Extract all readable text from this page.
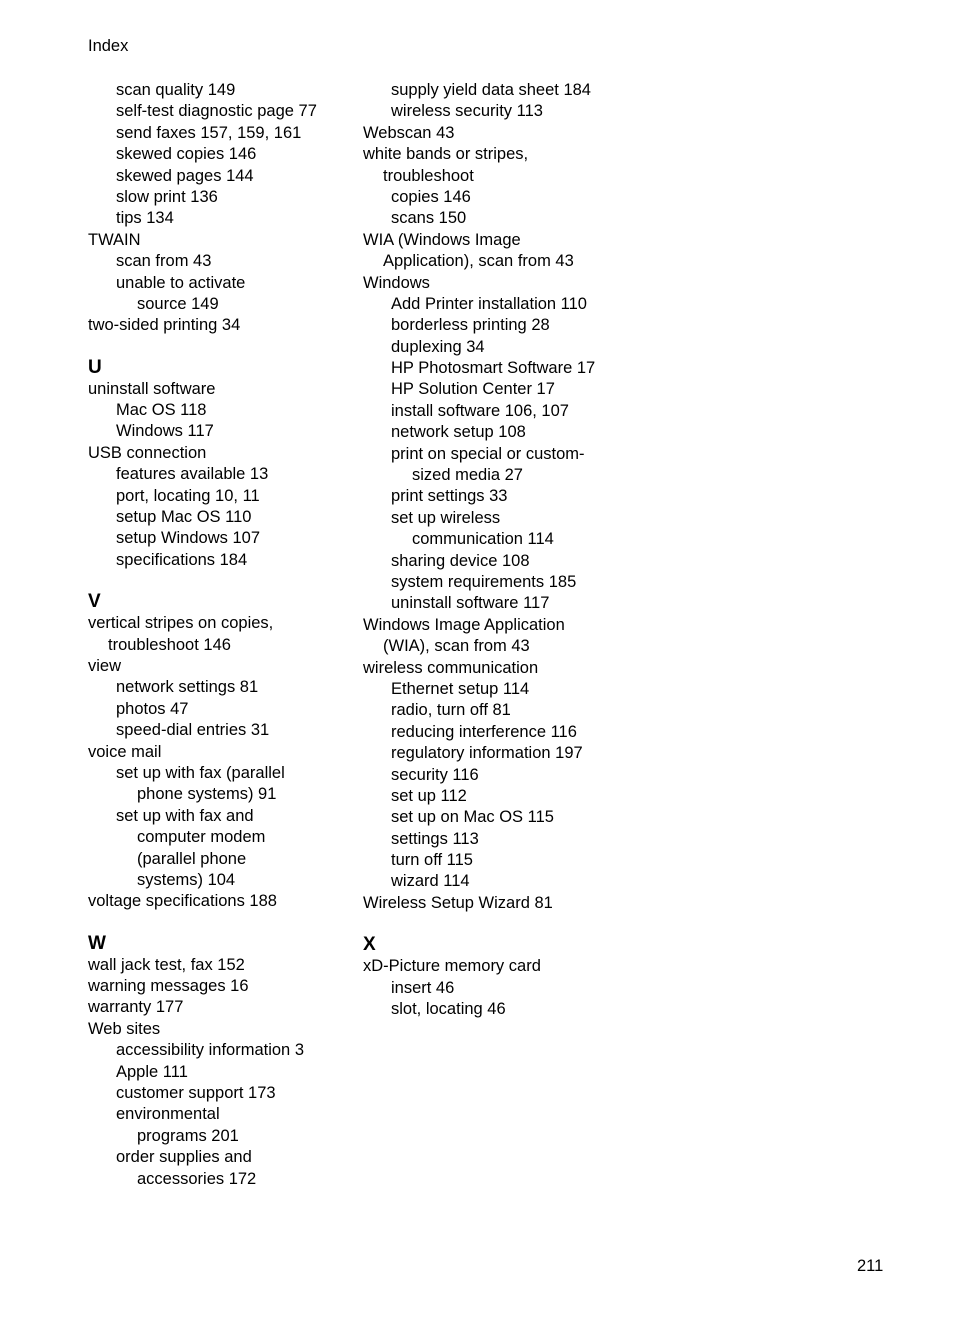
Index
scan quality 149
self-test diagnostic page 77
send faxes 157, 159, 161
skewed copies 146
skewed pages 144
slow print 136
tips 134
TWAIN
scan from 43
unable to activate
source 149
two-sided printing 34
U
uninstall software
Mac OS 118
Windows 117
USB connection
features available 13
port, locating 10, 11
setup Mac OS 110
setup Windows 107
specifications 184
V
vertical stripes on copies,
troubleshoot 146
view
network settings 81
photos 47
speed-dial entries 31
voice mail
set up with fax (parallel
phone systems) 91
set up with fax and
computer modem
(parallel phone
systems) 104
voltage specifications 188
W
wall jack test, fax 152
warning messages 16
warranty 177
Web sites
accessibility information 3
Apple 111
customer support 173
environmental
programs 201
order supplies and
accessories 172
supply yield data sheet 184
wireless security 113
Webscan 43
white bands or stripes,
troubleshoot
copies 146
scans 150
WIA (Windows Image
Application), scan from 43
Windows
Add Printer installation 110
borderless printing 28
duplexing 34
HP Photosmart Software 17
HP Solution Center 17
install software 106, 107
network setup 108
print on special or custom-
sized media 27
print settings 33
set up wireless
communication 114
sharing device 108
system requirements 185
uninstall software 117
Windows Image Application
(WIA), scan from 43
wireless communication
Ethernet setup 114
radio, turn off 81
reducing interference 116
regulatory information 197
security 116
set up 112
set up on Mac OS 115
settings 113
turn off 115
wizard 114
Wireless Setup Wizard 81
X
xD-Picture memory card
insert 46
slot, locating 46
211
